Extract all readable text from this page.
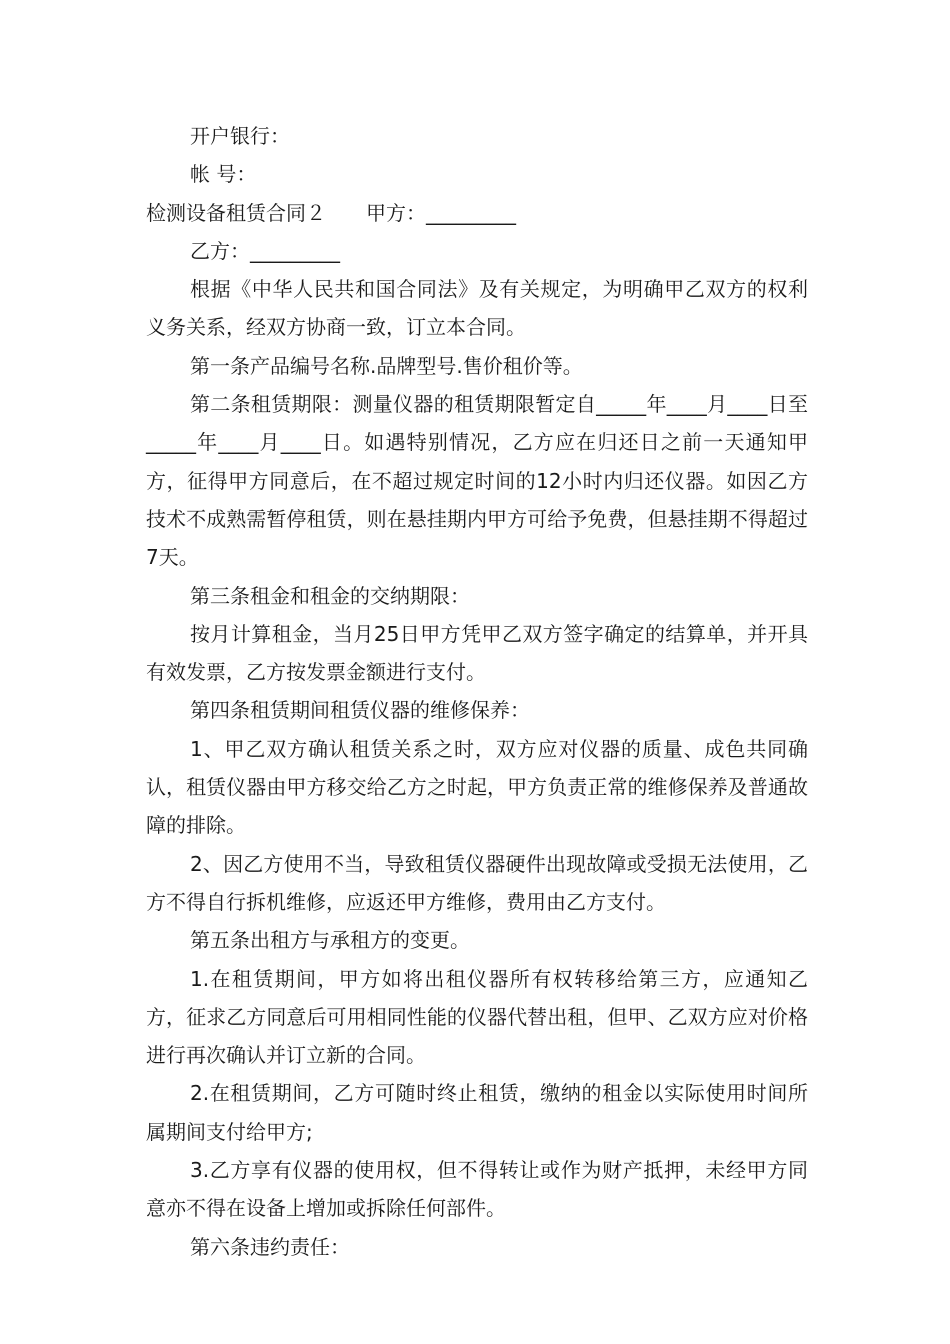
开户银行：

帐 号：

检测设备租赁合同２ 甲方：_________

乙方：_________

根据《中华人民共和国合同法》及有关规定，为明确甲乙双方的权利义务关系，经双方协商一致，订立本合同。

第一条产品编号名称.品牌型号.售价租价等。

第二条租赁期限：测量仪器的租赁期限暂定自_____年____月____日至_____年____月____日。如遇特别情况，乙方应在归还日之前一天通知甲方，征得甲方同意后，在不超过规定时间的12小时内归还仪器。如因乙方技术不成熟需暂停租赁，则在悬挂期内甲方可给予免费，但悬挂期不得超过7天。

第三条租金和租金的交纳期限：

按月计算租金，当月25日甲方凭甲乙双方签字确定的结算单，并开具有效发票，乙方按发票金额进行支付。

第四条租赁期间租赁仪器的维修保养：

1、甲乙双方确认租赁关系之时，双方应对仪器的质量、成色共同确认，租赁仪器由甲方移交给乙方之时起，甲方负责正常的维修保养及普通故障的排除。

2、因乙方使用不当，导致租赁仪器硬件出现故障或受损无法使用，乙方不得自行拆机维修，应返还甲方维修，费用由乙方支付。

第五条出租方与承租方的变更。

1.在租赁期间，甲方如将出租仪器所有权转移给第三方，应通知乙方，征求乙方同意后可用相同性能的仪器代替出租，但甲、乙双方应对价格进行再次确认并订立新的合同。

2.在租赁期间，乙方可随时终止租赁，缴纳的租金以实际使用时间所属期间支付给甲方;

3.乙方享有仪器的使用权，但不得转让或作为财产抵押，未经甲方同意亦不得在设备上增加或拆除任何部件。

第六条违约责任：
